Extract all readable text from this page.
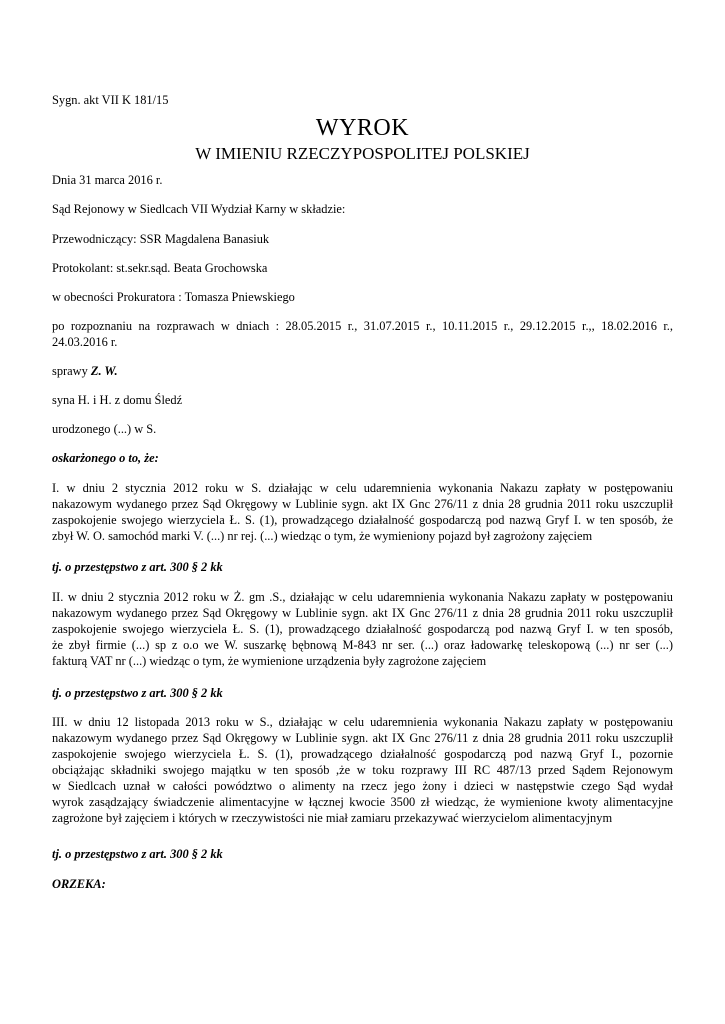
Sygn. akt VII K 181/15

WYROK
W IMIENIU RZECZYPOSPOLITEJ POLSKIEJ

Dnia 31 marca 2016 r.

Sąd Rejonowy w Siedlcach VII Wydział Karny w składzie:

Przewodniczący: SSR Magdalena Banasiuk

Protokolant: st.sekr.sąd. Beata Grochowska

w obecności Prokuratora : Tomasza Pniewskiego

po rozpoznaniu na rozprawach w dniach : 28.05.2015 r., 31.07.2015 r., 10.11.2015 r., 29.12.2015 r.,, 18.02.2016 r.,
24.03.2016 r.

sprawy Z. W.

syna H. i H. z domu Śledź

urodzonego (...) w S.

oskarżonego o to, że:

I. w dniu 2 stycznia 2012 roku w S. działając w celu udaremnienia wykonania Nakazu zapłaty w postępowaniu
nakazowym wydanego przez Sąd Okręgowy w Lublinie sygn. akt IX Gnc 276/11 z dnia 28 grudnia 2011 roku uszczuplił
zaspokojenie swojego wierzyciela Ł. S. (1), prowadzącego działalność gospodarczą pod nazwą Gryf I. w ten sposób, że
zbył W. O. samochód marki V. (...) nr rej. (...) wiedząc o tym, że wymieniony pojazd był zagrożony zajęciem

tj. o przestępstwo z art. 300 § 2 kk

II. w dniu 2 stycznia 2012 roku w Ż. gm .S., działając w celu udaremnienia wykonania Nakazu zapłaty w postępowaniu
nakazowym wydanego przez Sąd Okręgowy w Lublinie sygn. akt IX Gnc 276/11 z dnia 28 grudnia 2011 roku uszczuplił
zaspokojenie swojego wierzyciela Ł. S. (1), prowadzącego działalność gospodarczą pod nazwą Gryf I. w ten sposób,
że zbył firmie (...) sp z o.o we W. suszarkę bębnową M-843 nr ser. (...) oraz ładowarkę teleskopową (...) nr ser (...)
fakturą VAT nr (...) wiedząc o tym, że wymienione urządzenia były zagrożone zajęciem

tj. o przestępstwo z art. 300 § 2 kk

III. w dniu 12 listopada 2013 roku w S., działając w celu udaremnienia wykonania Nakazu zapłaty w postępowaniu
nakazowym wydanego przez Sąd Okręgowy w Lublinie sygn. akt IX Gnc 276/11 z dnia 28 grudnia 2011 roku uszczuplił
zaspokojenie swojego wierzyciela Ł. S. (1), prowadzącego działalność gospodarczą pod nazwą Gryf I., pozornie
obciążając składniki swojego majątku w ten sposób ,że w toku rozprawy III RC 487/13 przed Sądem Rejonowym
w Siedlcach uznał w całości powództwo o alimenty na rzecz jego żony i dzieci w następstwie czego Sąd wydał
wyrok zasądzający świadczenie alimentacyjne w łącznej kwocie 3500 zł wiedząc, że wymienione kwoty alimentacyjne
zagrożone był zajęciem i których w rzeczywistości nie miał zamiaru przekazywać wierzycielom alimentacyjnym

tj. o przestępstwo z art. 300 § 2 kk

ORZEKA:
